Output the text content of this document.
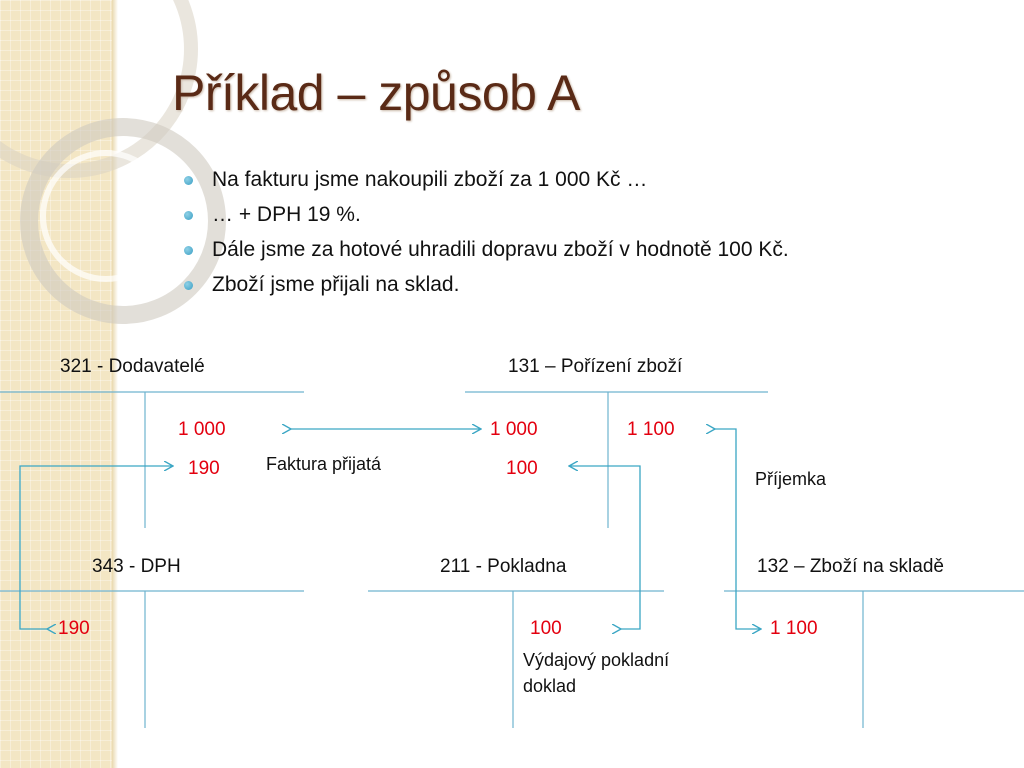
Příklad – způsob A
Na fakturu jsme nakoupili zboží za 1 000 Kč …
… + DPH 19 %.
Dále jsme za hotové uhradili dopravu zboží v hodnotě 100 Kč.
Zboží jsme přijali na sklad.
321 - Dodavatelé	131 – Pořízení zboží
343 - DPH	211 - Pokladna	132 – Zboží na skladě
1 000
190
1 000
100
1 100
190	100	1 100
Faktura přijatá
Příjemka
Výdajový pokladní
doklad
